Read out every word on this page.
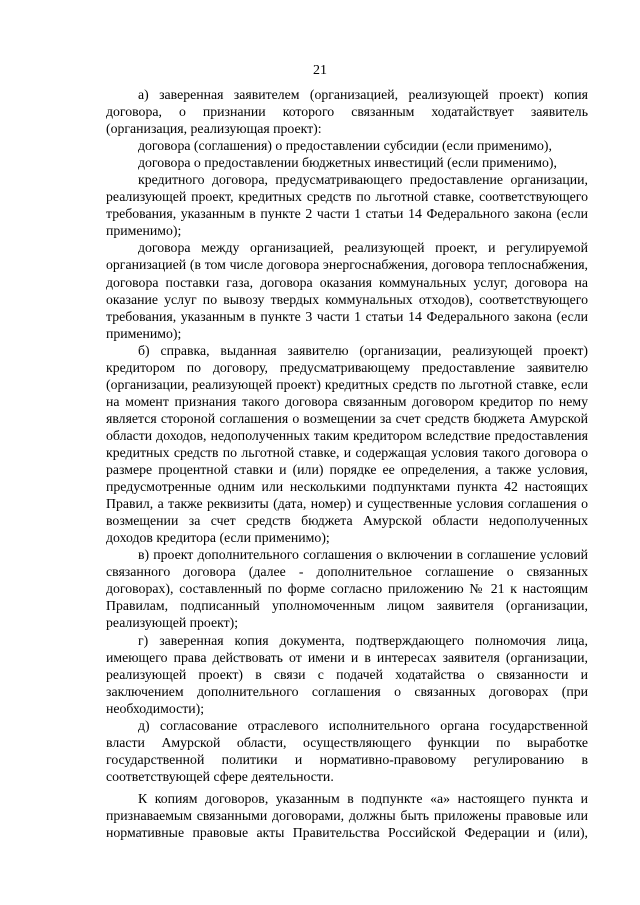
21

а) заверенная заявителем (организацией, реализующей проект) копия договора, о признании которого связанным ходатайствует заявитель (организация, реализующая проект):

договора (соглашения) о предоставлении субсидии (если применимо),

договора о предоставлении бюджетных инвестиций (если применимо),

кредитного договора, предусматривающего предоставление организации, реализующей проект, кредитных средств по льготной ставке, соответствующего требования, указанным в пункте 2 части 1 статьи 14 Федерального закона (если применимо);

договора между организацией, реализующей проект, и регулируемой организацией (в том числе договора энергоснабжения, договора теплоснабжения, договора поставки газа, договора оказания коммунальных услуг, договора на оказание услуг по вывозу твердых коммунальных отходов), соответствующего требования, указанным в пункте 3 части 1 статьи 14 Федерального закона (если применимо);

б) справка, выданная заявителю (организации, реализующей проект) кредитором по договору, предусматривающему предоставление заявителю (организации, реализующей проект) кредитных средств по льготной ставке, если на момент признания такого договора связанным договором кредитор по нему является стороной соглашения о возмещении за счет средств бюджета Амурской области доходов, недополученных таким кредитором вследствие предоставления кредитных средств по льготной ставке, и содержащая условия такого договора о размере процентной ставки и (или) порядке ее определения, а также условия, предусмотренные одним или несколькими подпунктами пункта 42 настоящих Правил, а также реквизиты (дата, номер) и существенные условия соглашения о возмещении за счет средств бюджета Амурской области недополученных доходов кредитора (если применимо);

в) проект дополнительного соглашения о включении в соглашение условий связанного договора (далее - дополнительное соглашение о связанных договорах), составленный по форме согласно приложению № 21 к настоящим Правилам, подписанный уполномоченным лицом заявителя (организации, реализующей проект);

г) заверенная копия документа, подтверждающего полномочия лица, имеющего права действовать от имени и в интересах заявителя (организации, реализующей проект) в связи с подачей ходатайства о связанности и заключением дополнительного соглашения о связанных договорах (при необходимости);

д) согласование отраслевого исполнительного органа государственной власти Амурской области, осуществляющего функции по выработке государственной политики и нормативно-правовому регулированию в соответствующей сфере деятельности.

К копиям договоров, указанным в подпункте «а» настоящего пункта и признаваемым связанными договорами, должны быть приложены правовые или нормативные правовые акты Правительства Российской Федерации и (или),
